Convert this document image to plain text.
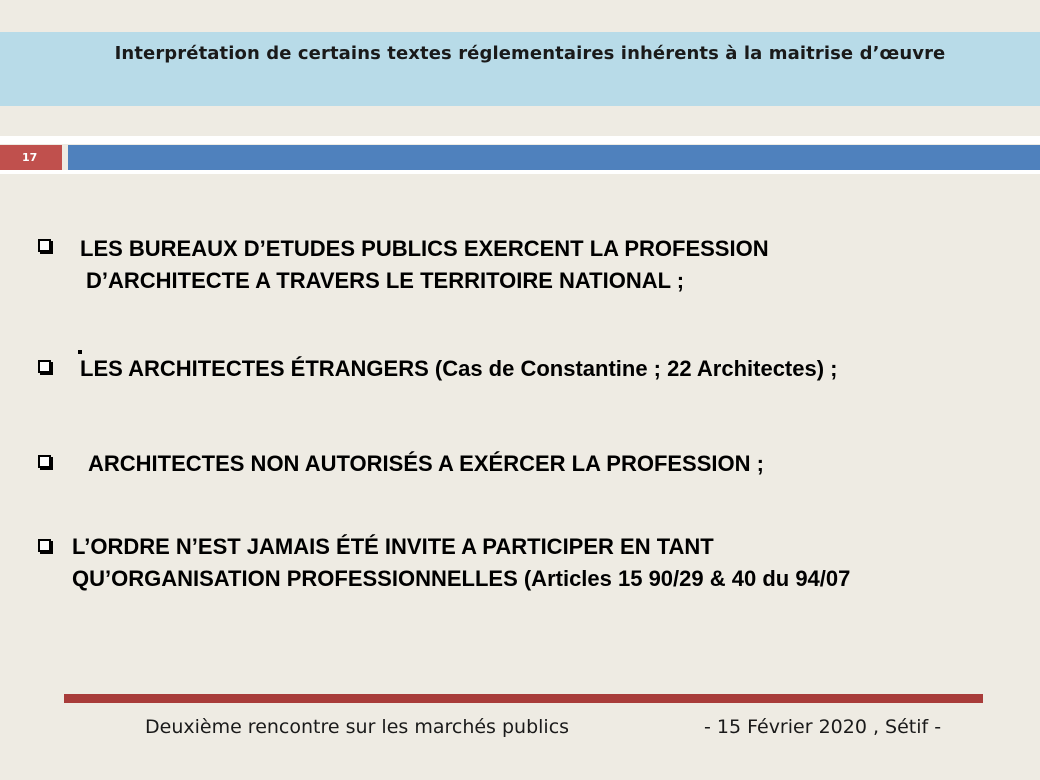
Interprétation de certains textes réglementaires inhérents à la maitrise d’œuvre
17
LES BUREAUX D’ETUDES PUBLICS EXERCENT LA PROFESSION
D’ARCHITECTE A TRAVERS LE TERRITOIRE NATIONAL ;
LES ARCHITECTES ÉTRANGERS (Cas de Constantine ; 22 Architectes) ;
ARCHITECTES NON AUTORISÉS A EXÉRCER LA PROFESSION ;
L’ORDRE N’EST JAMAIS ÉTÉ INVITE A PARTICIPER EN TANT
QU’ORGANISATION PROFESSIONNELLES (Articles 15 90/29 & 40 du 94/07
Deuxième rencontre sur les marchés publics	- 15 Février 2020 , Sétif -
